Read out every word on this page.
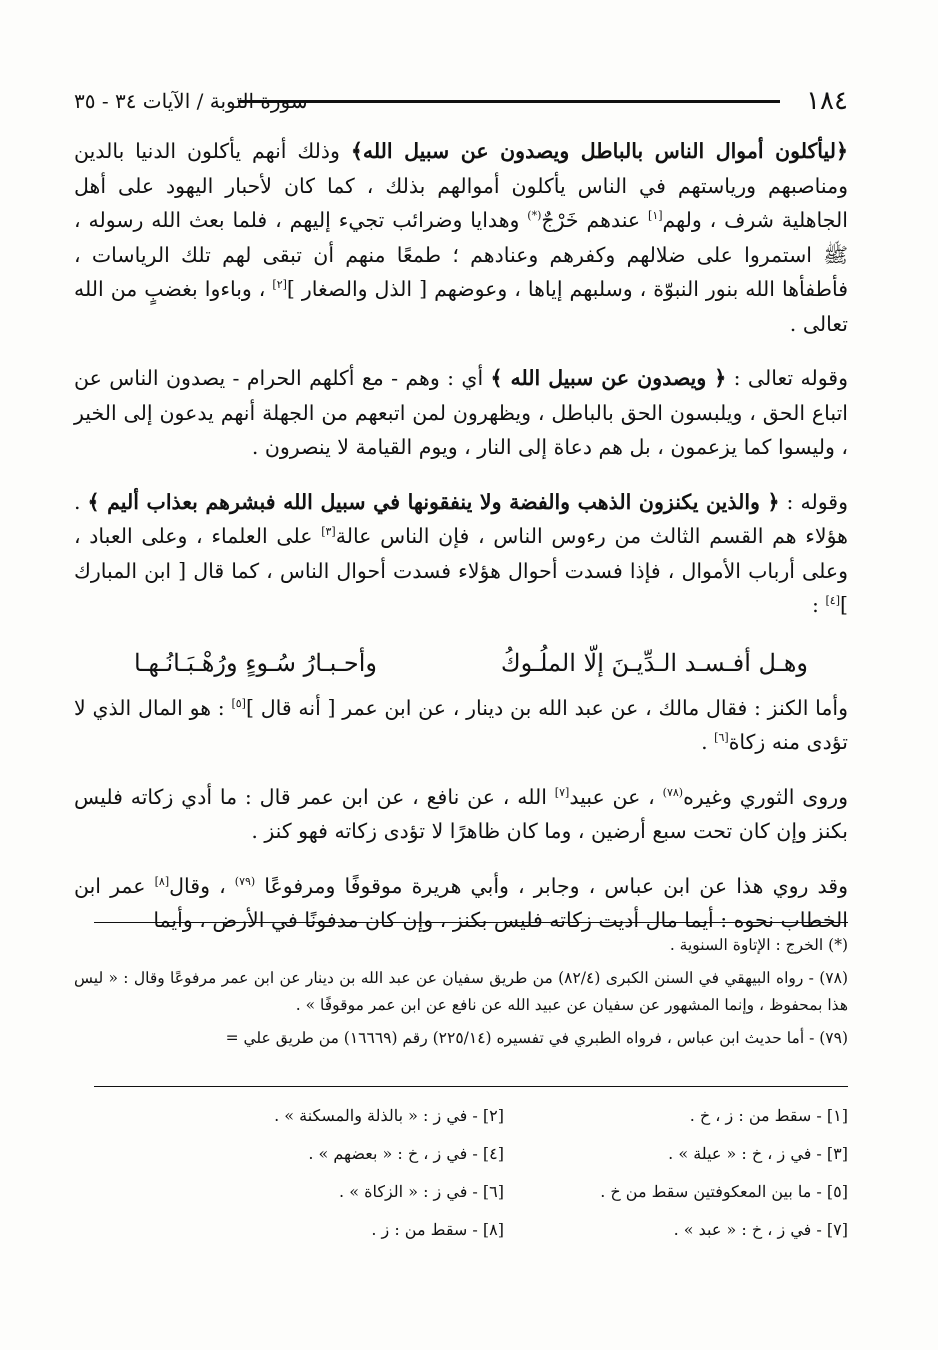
١٨٤
سورة التوبة / الآيات ٣٤ - ٣٥

﴿ليأكلون أموال الناس بالباطل ويصدون عن سبيل الله﴾ وذلك أنهم يأكلون الدنيا بالدين ومناصبهم ورياستهم في الناس يأكلون أموالهم بذلك ، كما كان لأحبار اليهود على أهل الجاهلية شرف ، ولهم[١] عندهم خَرْجٌ(*) وهدايا وضرائب تجيء إليهم ، فلما بعث الله رسوله ، ﷺ استمروا على ضلالهم وكفرهم وعنادهم ؛ طمعًا منهم أن تبقى لهم تلك الرياسات ، فأطفأها الله بنور النبوّة ، وسلبهم إياها ، وعوضهم [ الذل والصغار ][٢] ، وباءوا بغضبٍ من الله تعالى .

وقوله تعالى : ﴿ ويصدون عن سبيل الله ﴾ أي : وهم - مع أكلهم الحرام - يصدون الناس عن اتباع الحق ، ويلبسون الحق بالباطل ، ويظهرون لمن اتبعهم من الجهلة أنهم يدعون إلى الخير ، وليسوا كما يزعمون ، بل هم دعاة إلى النار ، ويوم القيامة لا ينصرون .

وقوله : ﴿ والذين يكنزون الذهب والفضة ولا ينفقونها في سبيل الله فبشرهم بعذاب أليم ﴾ . هؤلاء هم القسم الثالث من رءوس الناس ، فإن الناس عالة[٣] على العلماء ، وعلى العباد ، وعلى أرباب الأموال ، فإذا فسدت أحوال هؤلاء فسدت أحوال الناس ، كما قال [ ابن المبارك ][٤] :

وهـل أفـسـد الـدِّيـنَ إلّا الملُـوكُ
وأحـبـارُ سُـوءٍ ورُهْـبَـانُـهـا

وأما الكنز : فقال مالك ، عن عبد الله بن دينار ، عن ابن عمر [ أنه قال ][٥] : هو المال الذي لا تؤدى منه زكاة[٦] .

وروى الثوري وغيره$^{(٧٨)}$ ، عن عبيد[٧] الله ، عن نافع ، عن ابن عمر قال : ما أدي زكاته فليس بكنز وإن كان تحت سبع أرضين ، وما كان ظاهرًا لا تؤدى زكاته فهو كنز .

وقد روي هذا عن ابن عباس ، وجابر ، وأبي هريرة موقوفًا ومرفوعًا $^{(٧٩)}$ ، وقال[٨] عمر ابن الخطاب نحوه : أيما مال أديت زكاته فليس بكنز ، وإن كان مدفونًا في الأرض ، وأيما

(*) الخرج : الإتاوة السنوية .

(٧٨) - رواه البيهقي في السنن الكبرى (٨٢/٤) من طريق سفيان عن عبد الله بن دينار عن ابن عمر مرفوعًا وقال : « ليس هذا بمحفوظ ، وإنما المشهور عن سفيان عن عبيد الله عن نافع عن ابن عمر موقوفًا » .

(٧٩) - أما حديث ابن عباس ، فرواه الطبري في تفسيره (٢٢٥/١٤) رقم (١٦٦٦٩) من طريق علي =

[١] - سقط من : ز ، خ .
[٢] - في ز : « بالذلة والمسكنة » .
[٣] - في ز ، خ : « عيلة » .
[٤] - في ز ، خ : « بعضهم » .
[٥] - ما بين المعكوفتين سقط من خ .
[٦] - في ز : « الزكاة » .
[٧] - في ز ، خ : « عبد » .
[٨] - سقط من : ز .
